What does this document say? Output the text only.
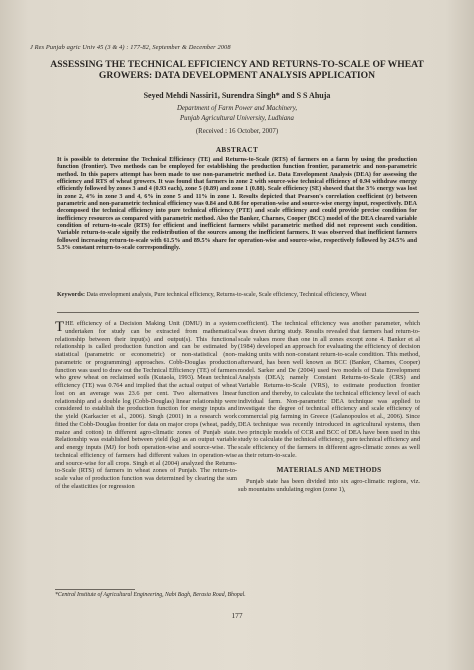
J Res Punjab agric Univ 45 (3 & 4) : 177-82, September & December 2008
ASSESSING THE TECHNICAL EFFICIENCY AND RETURNS-TO-SCALE OF WHEAT GROWERS: DATA DEVELOPMENT ANALYSIS APPLICATION
Seyed Mehdi Nassiri1, Surendra Singh* and S S Ahuja
Department of Farm Power and Machinery,
Punjab Agricultural University, Ludhiana
(Received : 16 October, 2007)
ABSTRACT
It is possible to determine the Technical Efficiency (TE) and Returns-to-Scale (RTS) of farmers on a farm by using the production function (frontier). Two methods can be employed for establishing the production function frontier, parametric and non-parametric method. In this papers attempt has been made to use non-parametric method i.e. Data Envelopment Analysis (DEA) for assessing the efficiency and RTS of wheat growers. It was found that farmers in zone 2 with source-wise technical efficiency of 0.94 withdraw energy efficiently followed by zones 3 and 4 (0.93 each), zone 5 (0.89) and zone 1 (0.88). Scale efficiency (SE) showed that the 3% energy was lost in zone 2, 4% in zone 3 and 4, 6% in zone 5 and 11% in zone 1. Results depicted that Pearson's correlation coefficient (r) between parametric and non-parametric technical efficiency was 0.84 and 0.86 for operation-wise and source-wise energy input, respectively. DEA decomposed the technical efficiency into pure technical efficiency (PTE) and scale efficiency and could provide precise condition for inefficiency resources as compared with parametric method. Also the Banker, Charnes, Cooper (BCC) model of the DEA cleared variable condition of return-to-scale (RTS) for efficient and inefficient farmers whilst parametric method did not represent such condition. Variable return-to-scale signify the redistribution of the sources among the inefficient farmers. It was observed that inefficient farmers followed increasing return-to-scale with 61.5% and 89.5% share for operation-wise and source-wise, respectively followed by 24.5% and 5.3% constant return-to-scale correspondingly.
Keywords: Data envelopment analysis, Pure technical efficiency, Returns-to-scale, Scale efficiency, Technical efficiency, Wheat

THE efficiency of a Decision Making Unit (DMU) in a system undertaken for study can be extracted from mathematical relationship between their input(s) and output(s). This functional relationship is called production function and can be estimated by statistical (parametric or econometric) or non-statistical (non-parametric or programming) approaches. Cobb-Douglas production function was used to draw out the Technical Efficiency (TE) of farmers who grew wheat on reclaimed soils (Kutaola, 1993). Mean technical efficiency (TE) was 0.764 and implied that the actual output of wheat lost on an average was 23.6 per cent. Two alternatives linear relationship and a double log (Cobb-Douglas) linear relationship were considered to establish the production function for energy inputs and the yield (Karkacier et al., 2006). Singh (2001) in a research work fitted the Cobb-Douglas frontier for data on major crops (wheat, paddy, maize and cotton) in different agro-climatic zones of Punjab state. Relationship was established between yield (kg) as an output variable and energy inputs (MJ) for both operation-wise and source-wise. The technical efficiency of farmers had different values in operation-wise and source-wise for all crops. Singh et al (2004) analyzed the Returns-to-Scale (RTS) of farmers in wheat zones of Punjab. The return-to-scale value of production function was determined by clearing the sum of the elasticities (or regression

coefficient). The technical efficiency was another parameter, which was drawn during study. Results revealed that farmers had return-to-scale values more than one in all zones except zone 4. Banker et al (1984) developed an approach for evaluating the efficiency of decision making units with non-constant return-to-scale condition. This method, afterward, has been well known as BCC (Banker, Charnes, Cooper) model. Sarker and De (2004) used two models of Data Envelopment Analysis (DEA); namely Constant Returns-to-Scale (CRS) and Variable Returns-to-Scale (VRS), to estimate production frontier function and thereby, to calculate the technical efficiency level of each individual farm. Non-parametric DEA technique was applied to investigate the degree of technical efficiency and scale efficiency of commercial pig farming in Greece (Galanopoulos et al., 2006). Since DEA technique was recently introduced in agricultural systems, then two principle models of CCR and BCC of DEA have been used in this study to calculate the technical efficiency, pure technical efficiency and scale efficiency of the farmers in different agro-climatic zones as well as their return-to-scale.

MATERIALS AND METHODS

Punjab state has been divided into six agro-climatic regions, viz. sub mountains undulating region (zone 1),

*Central Institute of Agricultural Engineering, Nabi Bagh, Berasia Road, Bhopal.
177
